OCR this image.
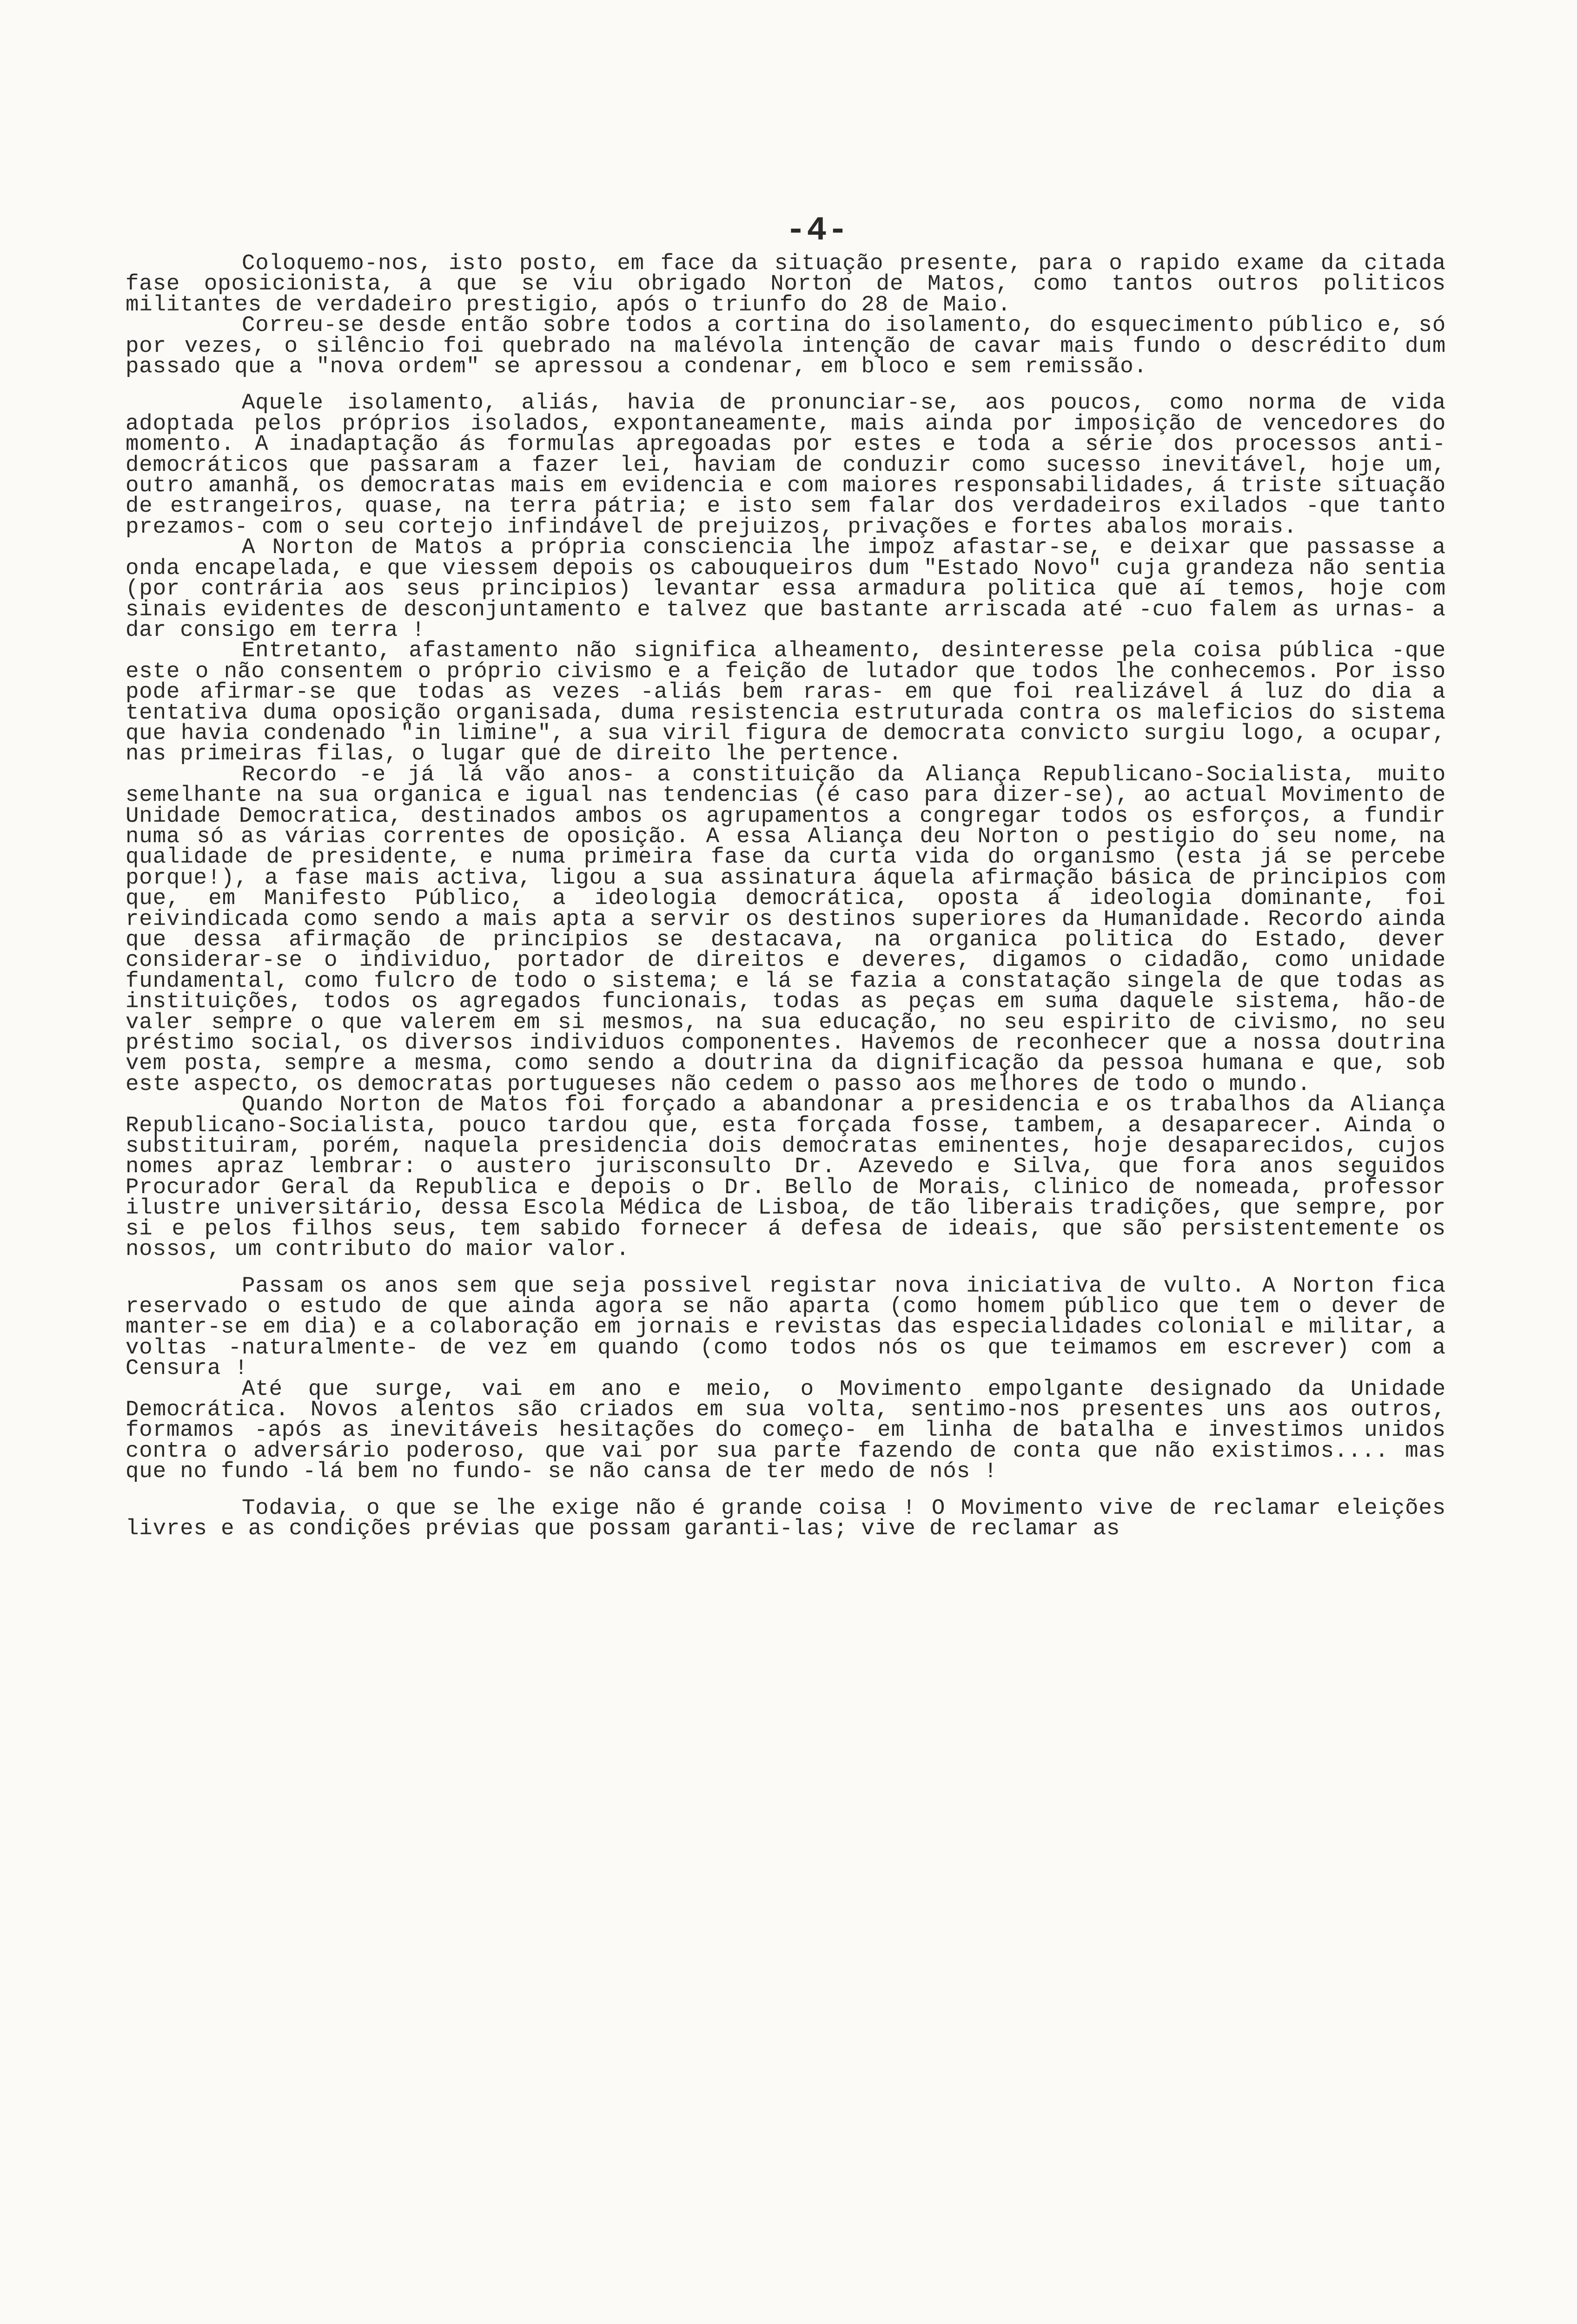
-4-

Coloquemo-nos, isto posto, em face da situação presente, para o rapido exame da citada fase oposicionista, a que se viu obrigado Norton de Matos, como tantos outros politicos militantes de verdadeiro prestigio, após o triunfo do 28 de Maio.

Correu-se desde então sobre todos a cortina do isolamento, do esquecimento público e, só por vezes, o silêncio foi quebrado na malévola intenção de cavar mais fundo o descrédito dum passado que a "nova ordem" se apressou a condenar, em bloco e sem remissão.

Aquele isolamento, aliás, havia de pronunciar-se, aos poucos, como norma de vida adoptada pelos próprios isolados, expontaneamente, mais ainda por imposição de vencedores do momento. A inadaptação ás formulas apregoadas por estes e toda a série dos processos anti-democráticos que passaram a fazer lei, haviam de conduzir como sucesso inevitável, hoje um, outro amanhã, os democratas mais em evidencia e com maiores responsabilidades, á triste situação de estrangeiros, quase, na terra pátria; e isto sem falar dos verdadeiros exilados -que tanto prezamos- com o seu cortejo infindável de prejuizos, privações e fortes abalos morais.

A Norton de Matos a própria consciencia lhe impoz afastar-se, e deixar que passasse a onda encapelada, e que viessem depois os cabouqueiros dum "Estado Novo" cuja grandeza não sentia (por contrária aos seus principios) levantar essa armadura politica que aí temos, hoje com sinais evidentes de desconjuntamento e talvez que bastante arriscada até -cuo falem as urnas- a dar consigo em terra !

Entretanto, afastamento não significa alheamento, desinteresse pela coisa pública -que este o não consentem o próprio civismo e a feição de lutador que todos lhe conhecemos. Por isso pode afirmar-se que todas as vezes -aliás bem raras- em que foi realizável á luz do dia a tentativa duma oposição organisada, duma resistencia estruturada contra os maleficios do sistema que havia condenado "in limine", a sua viril figura de democrata convicto surgiu logo, a ocupar, nas primeiras filas, o lugar que de direito lhe pertence.

Recordo -e já lá vão anos- a constituição da Aliança Republicano-Socialista, muito semelhante na sua organica e igual nas tendencias (é caso para dizer-se), ao actual Movimento de Unidade Democratica, destinados ambos os agrupamentos a congregar todos os esforços, a fundir numa só as várias correntes de oposição. A essa Aliança deu Norton o pestigio do seu nome, na qualidade de presidente, e numa primeira fase da curta vida do organismo (esta já se percebe porque!), a fase mais activa, ligou a sua assinatura áquela afirmação básica de principios com que, em Manifesto Público, a ideologia democrática, oposta á ideologia dominante, foi reivindicada como sendo a mais apta a servir os destinos superiores da Humanidade. Recordo ainda que dessa afirmação de principios se destacava, na organica politica do Estado, dever considerar-se o individuo, portador de direitos e deveres, digamos o cidadão, como unidade fundamental, como fulcro de todo o sistema; e lá se fazia a constatação singela de que todas as instituições, todos os agregados funcionais, todas as peças em suma daquele sistema, hão-de valer sempre o que valerem em si mesmos, na sua educação, no seu espirito de civismo, no seu préstimo social, os diversos individuos componentes. Havemos de reconhecer que a nossa doutrina vem posta, sempre a mesma, como sendo a doutrina da dignificação da pessoa humana e que, sob este aspecto, os democratas portugueses não cedem o passo aos melhores de todo o mundo.

Quando Norton de Matos foi forçado a abandonar a presidencia e os trabalhos da Aliança Republicano-Socialista, pouco tardou que, esta forçada fosse, tambem, a desaparecer. Ainda o substituiram, porém, naquela presidencia dois democratas eminentes, hoje desaparecidos, cujos nomes apraz lembrar: o austero jurisconsulto Dr. Azevedo e Silva, que fora anos seguidos Procurador Geral da Republica e depois o Dr. Bello de Morais, clinico de nomeada, professor ilustre universitário, dessa Escola Médica de Lisboa, de tão liberais tradições, que sempre, por si e pelos filhos seus, tem sabido fornecer á defesa de ideais, que são persistentemente os nossos, um contributo do maior valor.

Passam os anos sem que seja possivel registar nova iniciativa de vulto. A Norton fica reservado o estudo de que ainda agora se não aparta (como homem público que tem o dever de manter-se em dia) e a colaboração em jornais e revistas das especialidades colonial e militar, a voltas -naturalmente- de vez em quando (como todos nós os que teimamos em escrever) com a Censura !

Até que surge, vai em ano e meio, o Movimento empolgante designado da Unidade Democrática. Novos alentos são criados em sua volta, sentimo-nos presentes uns aos outros, formamos -após as inevitáveis hesitações do começo- em linha de batalha e investimos unidos contra o adversário poderoso, que vai por sua parte fazendo de conta que não existimos.... mas que no fundo -lá bem no fundo- se não cansa de ter medo de nós !

Todavia, o que se lhe exige não é grande coisa ! O Movimento vive de reclamar eleições livres e as condições prévias que possam garanti-las; vive de reclamar as
